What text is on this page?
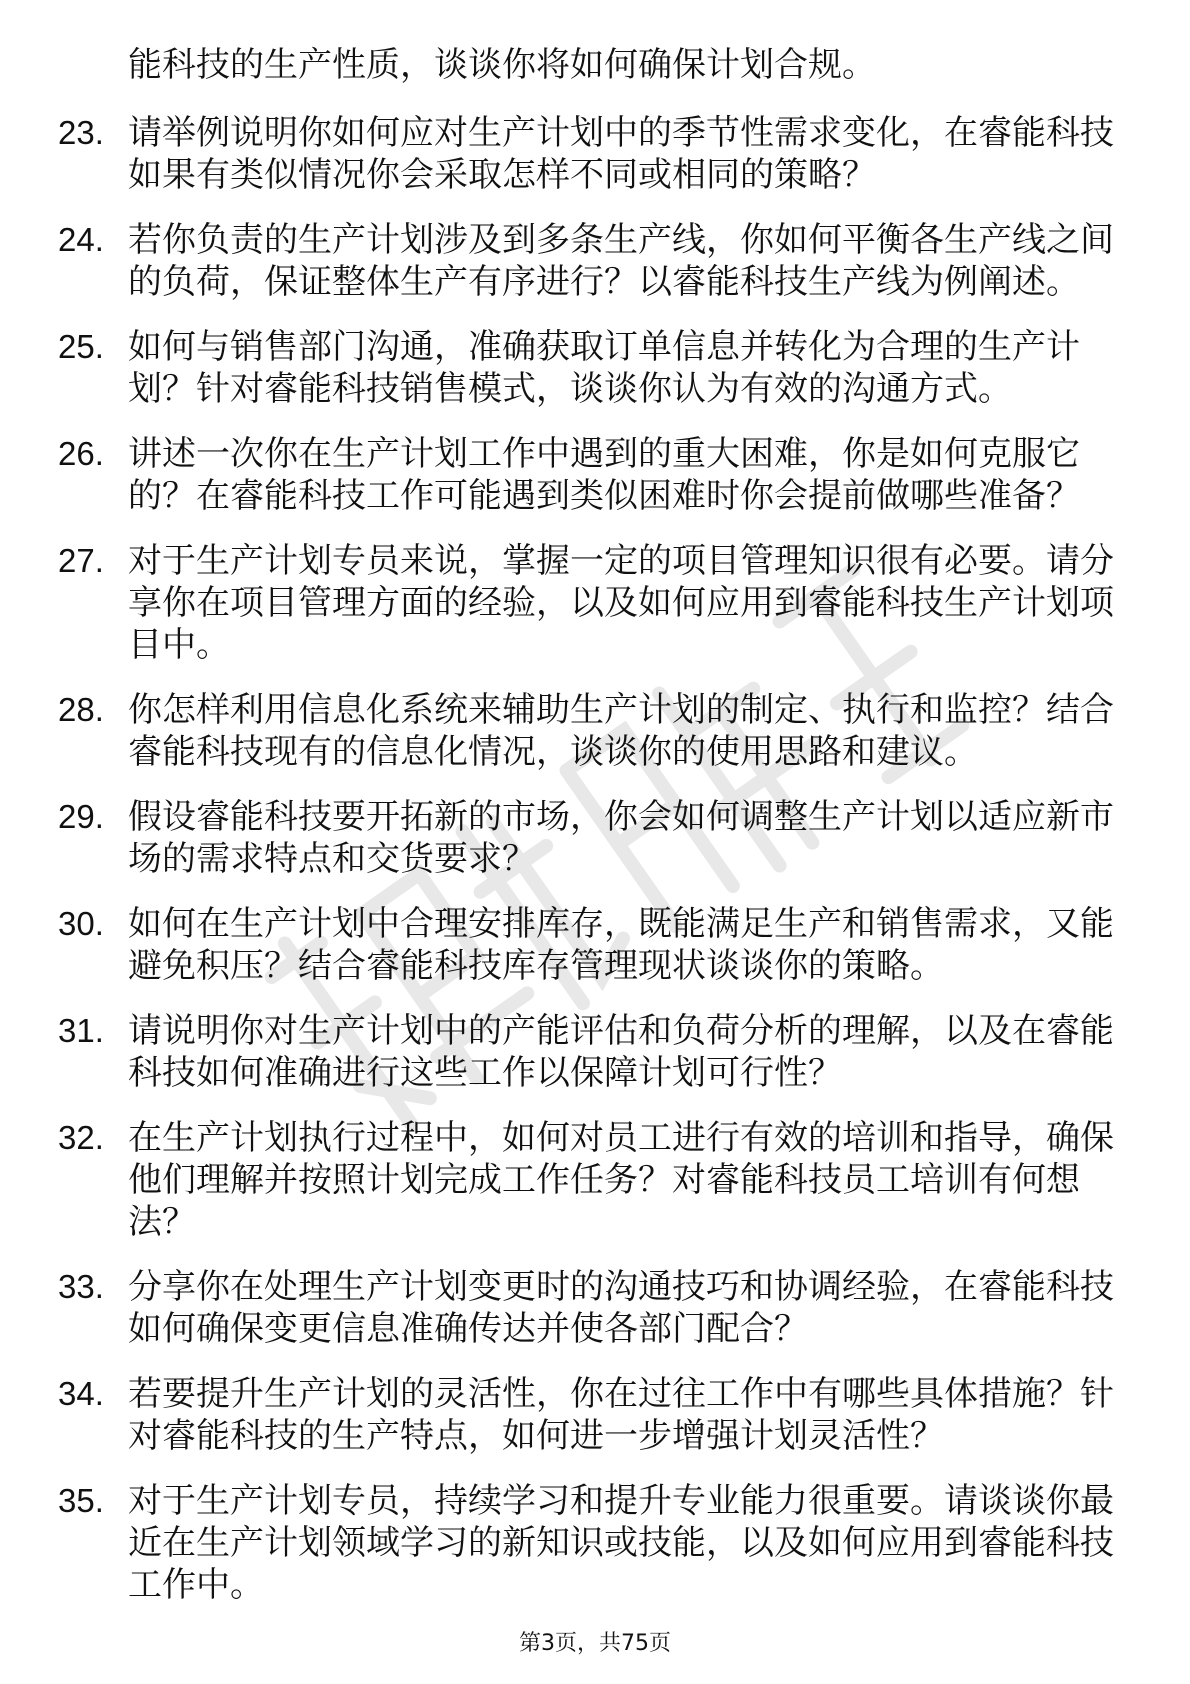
能科技的生产性质，谈谈你将如何确保计划合规。

23. 请举例说明你如何应对生产计划中的季节性需求变化，在睿能科技如果有类似情况你会采取怎样不同或相同的策略？
24. 若你负责的生产计划涉及到多条生产线，你如何平衡各生产线之间的负荷，保证整体生产有序进行？以睿能科技生产线为例阐述。
25. 如何与销售部门沟通，准确获取订单信息并转化为合理的生产计划？针对睿能科技销售模式，谈谈你认为有效的沟通方式。
26. 讲述一次你在生产计划工作中遇到的重大困难，你是如何克服它的？在睿能科技工作可能遇到类似困难时你会提前做哪些准备？
27. 对于生产计划专员来说，掌握一定的项目管理知识很有必要。请分享你在项目管理方面的经验，以及如何应用到睿能科技生产计划项目中。
28. 你怎样利用信息化系统来辅助生产计划的制定、执行和监控？结合睿能科技现有的信息化情况，谈谈你的使用思路和建议。
29. 假设睿能科技要开拓新的市场，你会如何调整生产计划以适应新市场的需求特点和交货要求？
30. 如何在生产计划中合理安排库存，既能满足生产和销售需求，又能避免积压？结合睿能科技库存管理现状谈谈你的策略。
31. 请说明你对生产计划中的产能评估和负荷分析的理解，以及在睿能科技如何准确进行这些工作以保障计划可行性？
32. 在生产计划执行过程中，如何对员工进行有效的培训和指导，确保他们理解并按照计划完成工作任务？对睿能科技员工培训有何想法？
33. 分享你在处理生产计划变更时的沟通技巧和协调经验，在睿能科技如何确保变更信息准确传达并使各部门配合？
34. 若要提升生产计划的灵活性，你在过往工作中有哪些具体措施？针对睿能科技的生产特点，如何进一步增强计划灵活性？
35. 对于生产计划专员，持续学习和提升专业能力很重要。请谈谈你最近在生产计划领域学习的新知识或技能，以及如何应用到睿能科技工作中。
第3页，共75页
